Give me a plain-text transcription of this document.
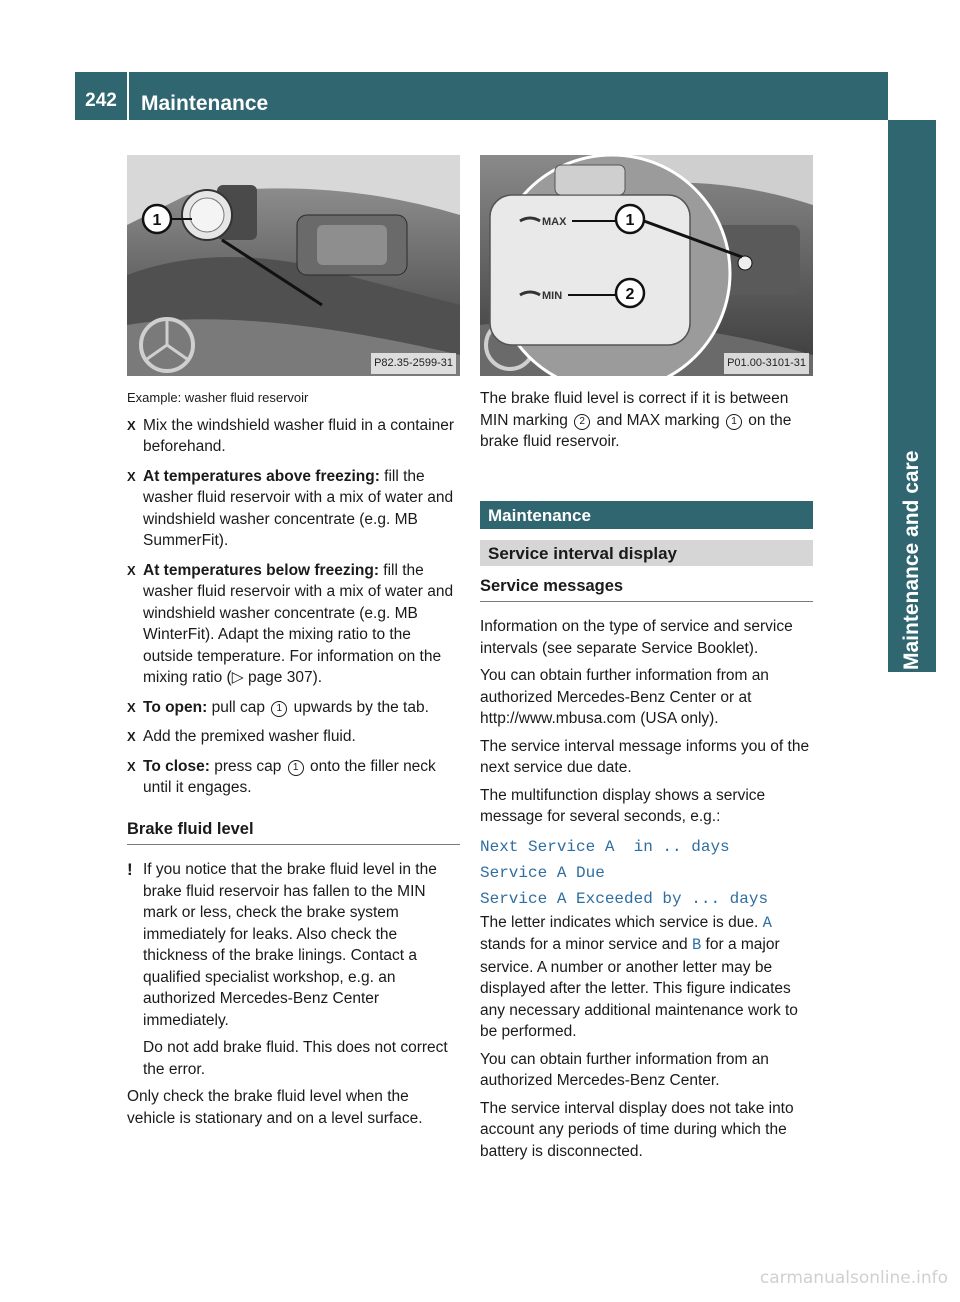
242	Maintenance
Maintenance and care
1
P82.35-2599-31
Example: washer fluid reservoir
X Mix the windshield washer fluid in a container beforehand.
X At temperatures above freezing: fill the washer fluid reservoir with a mix of water and windshield washer concentrate (e.g. MB SummerFit).
X At temperatures below freezing: fill the washer fluid reservoir with a mix of water and windshield washer concentrate (e.g. MB WinterFit). Adapt the mixing ratio to the outside temperature. For information on the mixing ratio (▷ page 307).
X To open: pull cap 1 upwards by the tab.
X Add the premixed washer fluid.
X To close: press cap 1 onto the filler neck until it engages.
Brake fluid level
! If you notice that the brake fluid level in the brake fluid reservoir has fallen to the MIN mark or less, check the brake system immediately for leaks. Also check the thickness of the brake linings. Contact a qualified specialist workshop, e.g. an authorized Mercedes-Benz Center immediately.

Do not add brake fluid. This does not correct the error.

Only check the brake fluid level when the vehicle is stationary and on a level surface.

MAX
MIN
1
2
P01.00-3101-31

The brake fluid level is correct if it is between MIN marking 2 and MAX marking 1 on the brake fluid reservoir.

Maintenance
Service interval display
Service messages

Information on the type of service and service intervals (see separate Service Booklet).

You can obtain further information from an authorized Mercedes-Benz Center or at http://www.mbusa.com (USA only).

The service interval message informs you of the next service due date.

The multifunction display shows a service message for several seconds, e.g.:

Next Service A  in .. days
Service A Due
Service A Exceeded by ... days

The letter indicates which service is due. A stands for a minor service and B for a major service. A number or another letter may be displayed after the letter. This figure indicates any necessary additional maintenance work to be performed.

You can obtain further information from an authorized Mercedes-Benz Center.

The service interval display does not take into account any periods of time during which the battery is disconnected.

carmanualsonline.info
